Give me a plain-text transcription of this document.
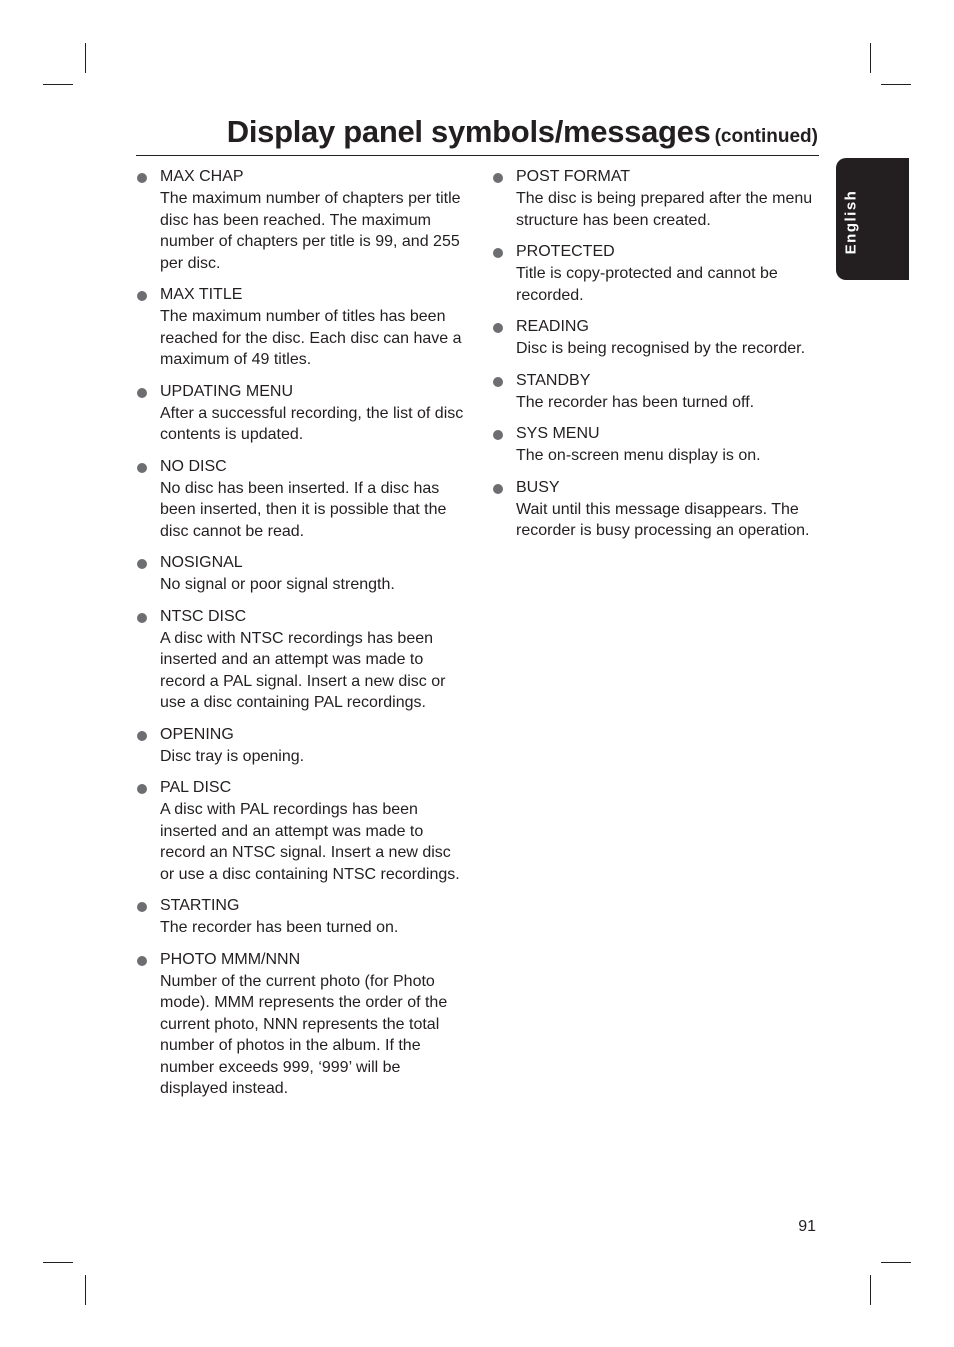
Display panel symbols/messages (continued)
English
MAX CHAP
The maximum number of chapters per title disc has been reached. The maximum number of chapters per title is 99, and 255 per disc.
MAX TITLE
The maximum number of titles has been reached for the disc. Each disc can have a maximum of 49 titles.
UPDATING MENU
After a successful recording, the list of disc contents is updated.
NO DISC
No disc has been inserted. If a disc has been inserted, then it is possible that the disc cannot be read.
NOSIGNAL
No signal or poor signal strength.
NTSC DISC
A disc with NTSC recordings has been inserted and an attempt was made to record a PAL signal. Insert a new disc or use a disc containing PAL recordings.
OPENING
Disc tray is opening.
PAL DISC
A disc with PAL recordings has been inserted and an attempt was made to record an NTSC signal. Insert a new disc or use a disc containing NTSC recordings.
STARTING
The recorder has been turned on.
PHOTO MMM/NNN
Number of the current photo (for Photo mode). MMM represents the order of the current photo, NNN represents the total number of photos in the album. If the number exceeds 999, ‘999’ will be displayed instead.
POST FORMAT
The disc is being prepared after the menu structure has been created.
PROTECTED
Title is copy-protected and cannot be recorded.
READING
Disc is being recognised by the recorder.
STANDBY
The recorder has been turned off.
SYS MENU
The on-screen menu display is on.
BUSY
Wait until this message disappears. The recorder is busy processing an operation.
91
